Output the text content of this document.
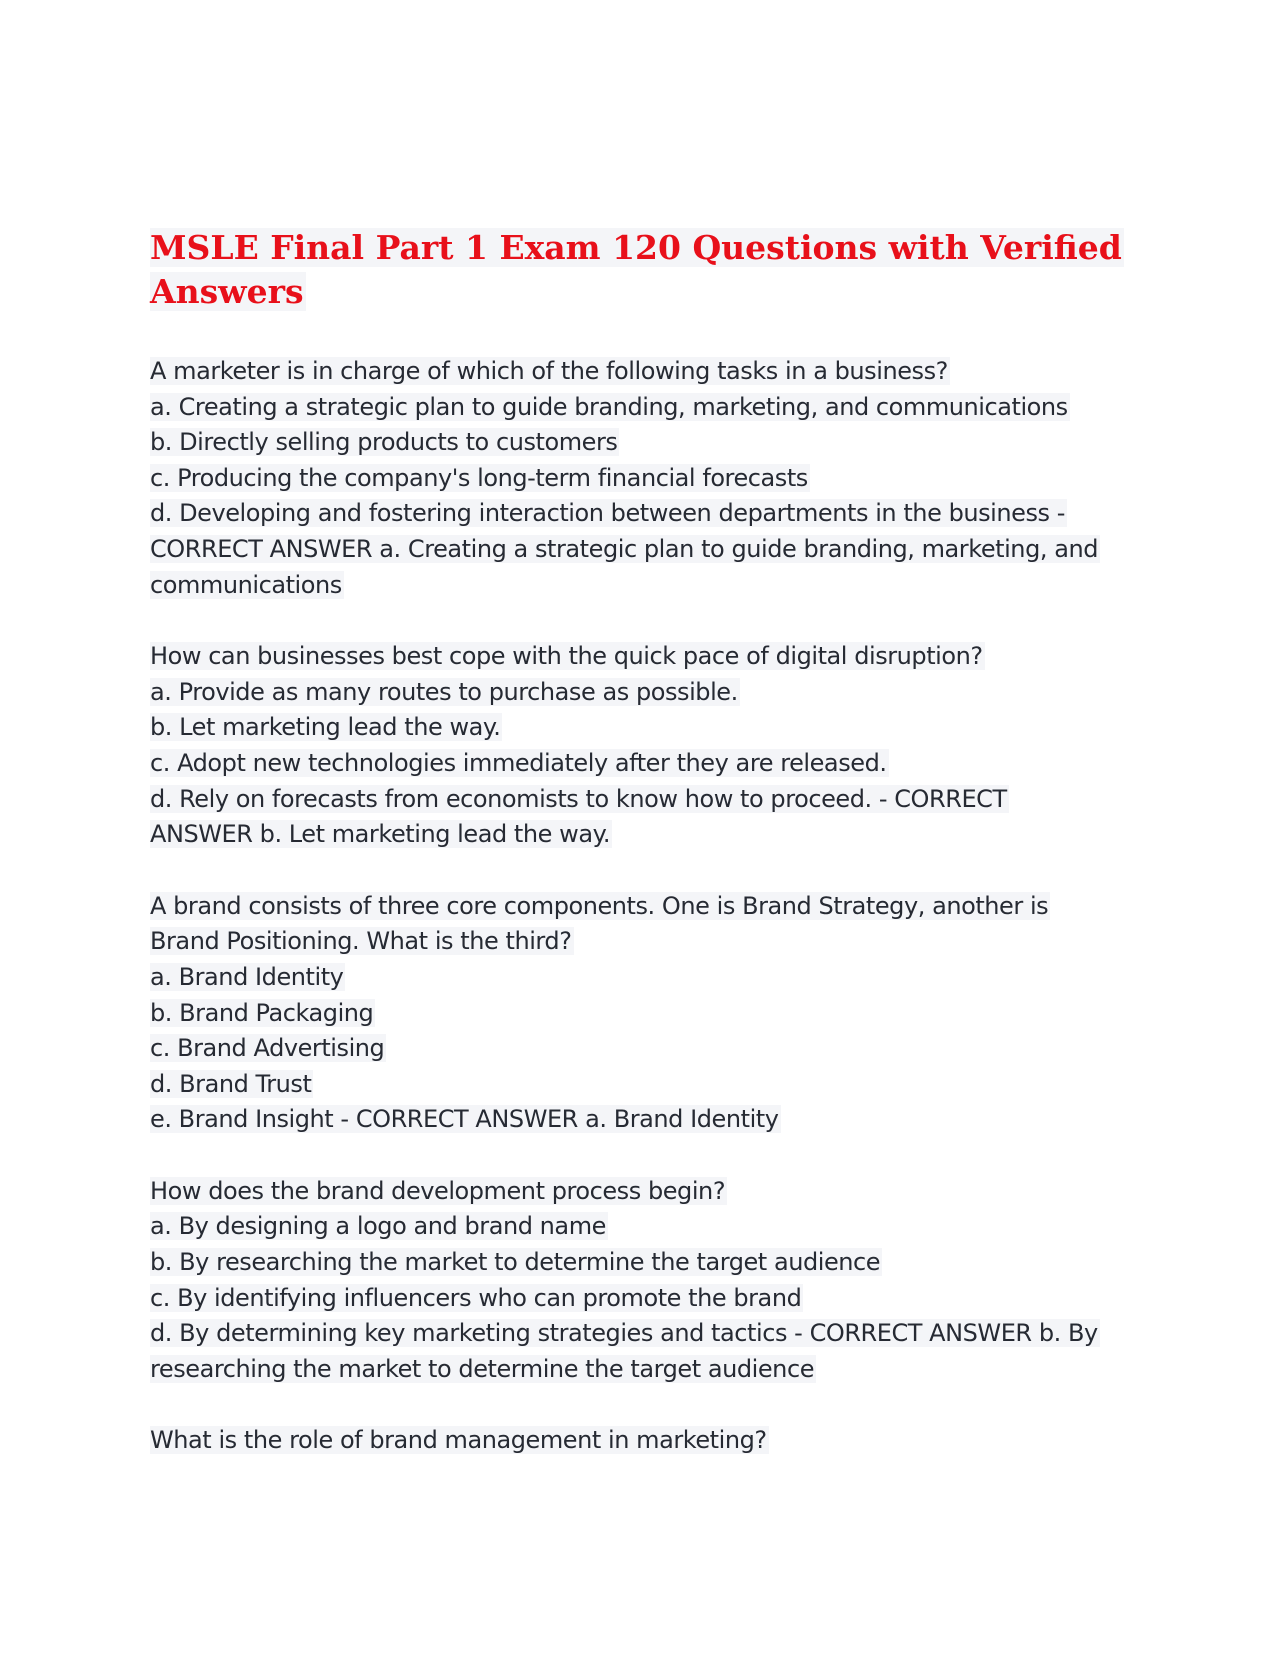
MSLE Final Part 1 Exam 120 Questions with Verified
Answers
A marketer is in charge of which of the following tasks in a business?
a. Creating a strategic plan to guide branding, marketing, and communications
b. Directly selling products to customers
c. Producing the company's long-term financial forecasts
d. Developing and fostering interaction between departments in the business -
CORRECT ANSWER a. Creating a strategic plan to guide branding, marketing, and
communications
How can businesses best cope with the quick pace of digital disruption?
a. Provide as many routes to purchase as possible.
b. Let marketing lead the way.
c. Adopt new technologies immediately after they are released.
d. Rely on forecasts from economists to know how to proceed. - CORRECT
ANSWER b. Let marketing lead the way.
A brand consists of three core components. One is Brand Strategy, another is
Brand Positioning. What is the third?
a. Brand Identity
b. Brand Packaging
c. Brand Advertising
d. Brand Trust
e. Brand Insight - CORRECT ANSWER a. Brand Identity
How does the brand development process begin?
a. By designing a logo and brand name
b. By researching the market to determine the target audience
c. By identifying influencers who can promote the brand
d. By determining key marketing strategies and tactics - CORRECT ANSWER b. By
researching the market to determine the target audience
What is the role of brand management in marketing?
